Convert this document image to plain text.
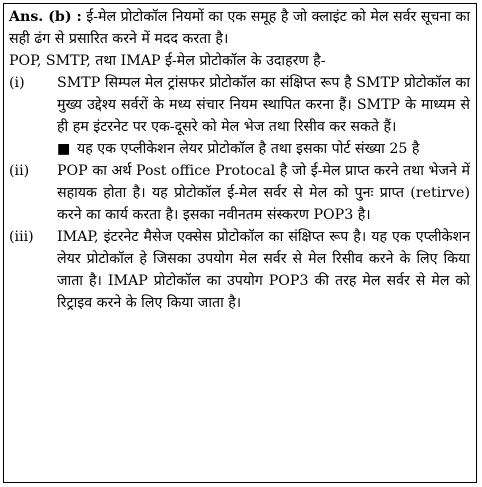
Ans. (b) : ई-मेल प्रोटोकॉल नियमों का एक समूह है जो क्लाइंट को मेल सर्वर सूचना का सही ढंग से प्रसारित करने में मदद करता है।

POP, SMTP, तथा IMAP ई-मेल प्रोटोकॉल के उदाहरण है-

(i)	SMTP सिम्पल मेल ट्रांसफर प्रोटोकॉल का संक्षिप्त रूप है SMTP प्रोटोकॉल का मुख्य उद्देश्य सर्वरों के मध्य संचार नियम स्थापित करना हैं। SMTP के माध्यम से ही हम इंटरनेट पर एक-दूसरे को मेल भेज तथा रिसीव कर सकते हैं।

■ यह एक एप्लीकेशन लेयर प्रोटोकॉल है तथा इसका पोर्ट संख्या 25 है
(ii)	POP का अर्थ Post office Protocal है जो ई-मेल प्राप्त करने तथा भेजने में सहायक होता है। यह प्रोटोकॉल ई-मेल सर्वर से मेल को पुनः प्राप्त (retirve) करने का कार्य करता है। इसका नवीनतम संस्करण POP3 है।

(iii)	IMAP, इंटरनेट मैसेज एक्सेस प्रोटोकॉल का संक्षिप्त रूप है। यह एक एप्लीकेशन लेयर प्रोटोकॉल हे जिसका उपयोग मेल सर्वर से मेल रिसीव करने के लिए किया जाता है। IMAP प्रोटोकॉल का उपयोग POP3 की तरह मेल सर्वर से मेल को रिट्राइव करने के लिए किया जाता है।
